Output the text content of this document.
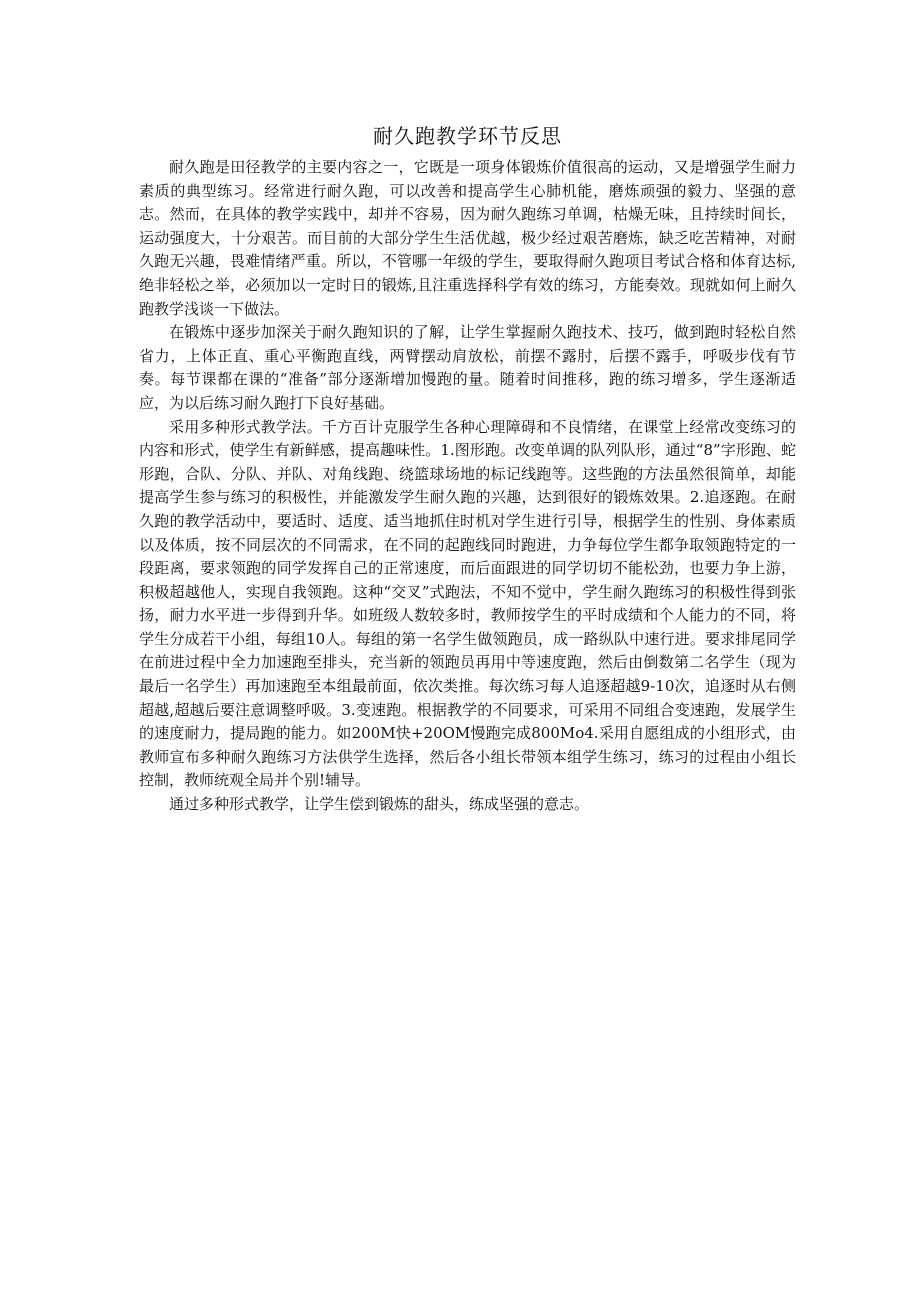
耐久跑教学环节反思

耐久跑是田径教学的主要内容之一，它既是一项身体锻炼价值很高的运动，又是增强学生耐力素质的典型练习。经常进行耐久跑，可以改善和提高学生心肺机能，磨炼顽强的毅力、坚强的意志。然而，在具体的教学实践中，却并不容易，因为耐久跑练习单调，枯燥无味，且持续时间长，运动强度大，十分艰苦。而目前的大部分学生生活优越，极少经过艰苦磨炼，缺乏吃苦精神，对耐久跑无兴趣，畏难情绪严重。所以，不管哪一年级的学生，要取得耐久跑项目考试合格和体育达标,绝非轻松之举，必须加以一定时日的锻炼,且注重选择科学有效的练习，方能奏效。现就如何上耐久跑教学浅谈一下做法。

在锻炼中逐步加深关于耐久跑知识的了解，让学生掌握耐久跑技术、技巧，做到跑时轻松自然省力，上体正直、重心平衡跑直线，两臂摆动肩放松，前摆不露肘，后摆不露手，呼吸步伐有节奏。每节课都在课的“准备”部分逐渐增加慢跑的量。随着时间推移，跑的练习增多，学生逐渐适应，为以后练习耐久跑打下良好基础。

采用多种形式教学法。千方百计克服学生各种心理障碍和不良情绪，在课堂上经常改变练习的内容和形式，使学生有新鲜感，提高趣味性。1.图形跑。改变单调的队列队形，通过“8”字形跑、蛇形跑，合队、分队、并队、对角线跑、绕篮球场地的标记线跑等。这些跑的方法虽然很简单，却能提高学生参与练习的积极性，并能激发学生耐久跑的兴趣，达到很好的锻炼效果。2.追逐跑。在耐久跑的教学活动中，要适时、适度、适当地抓住时机对学生进行引导，根据学生的性别、身体素质以及体质，按不同层次的不同需求，在不同的起跑线同时跑进，力争每位学生都争取领跑特定的一段距离，要求领跑的同学发挥自己的正常速度，而后面跟进的同学切切不能松劲，也要力争上游，积极超越他人，实现自我领跑。这种“交叉”式跑法，不知不觉中，学生耐久跑练习的积极性得到张扬，耐力水平进一步得到升华。如班级人数较多时，教师按学生的平时成绩和个人能力的不同，将学生分成若干小组，每组10人。每组的第一名学生做领跑员，成一路纵队中速行进。要求排尾同学在前进过程中全力加速跑至排头，充当新的领跑员再用中等速度跑，然后由倒数第二名学生（现为最后一名学生）再加速跑至本组最前面，依次类推。每次练习每人追逐超越9-10次，追逐时从右侧超越,超越后要注意调整呼吸。3.变速跑。根据教学的不同要求，可采用不同组合变速跑，发展学生的速度耐力，提局跑的能力。如200M快+20OM慢跑完成800Mo4.采用自愿组成的小组形式，由教师宣布多种耐久跑练习方法供学生选择，然后各小组长带领本组学生练习，练习的过程由小组长控制，教师统观全局并个别!辅导。

通过多种形式教学，让学生偿到锻炼的甜头，练成坚强的意志。
